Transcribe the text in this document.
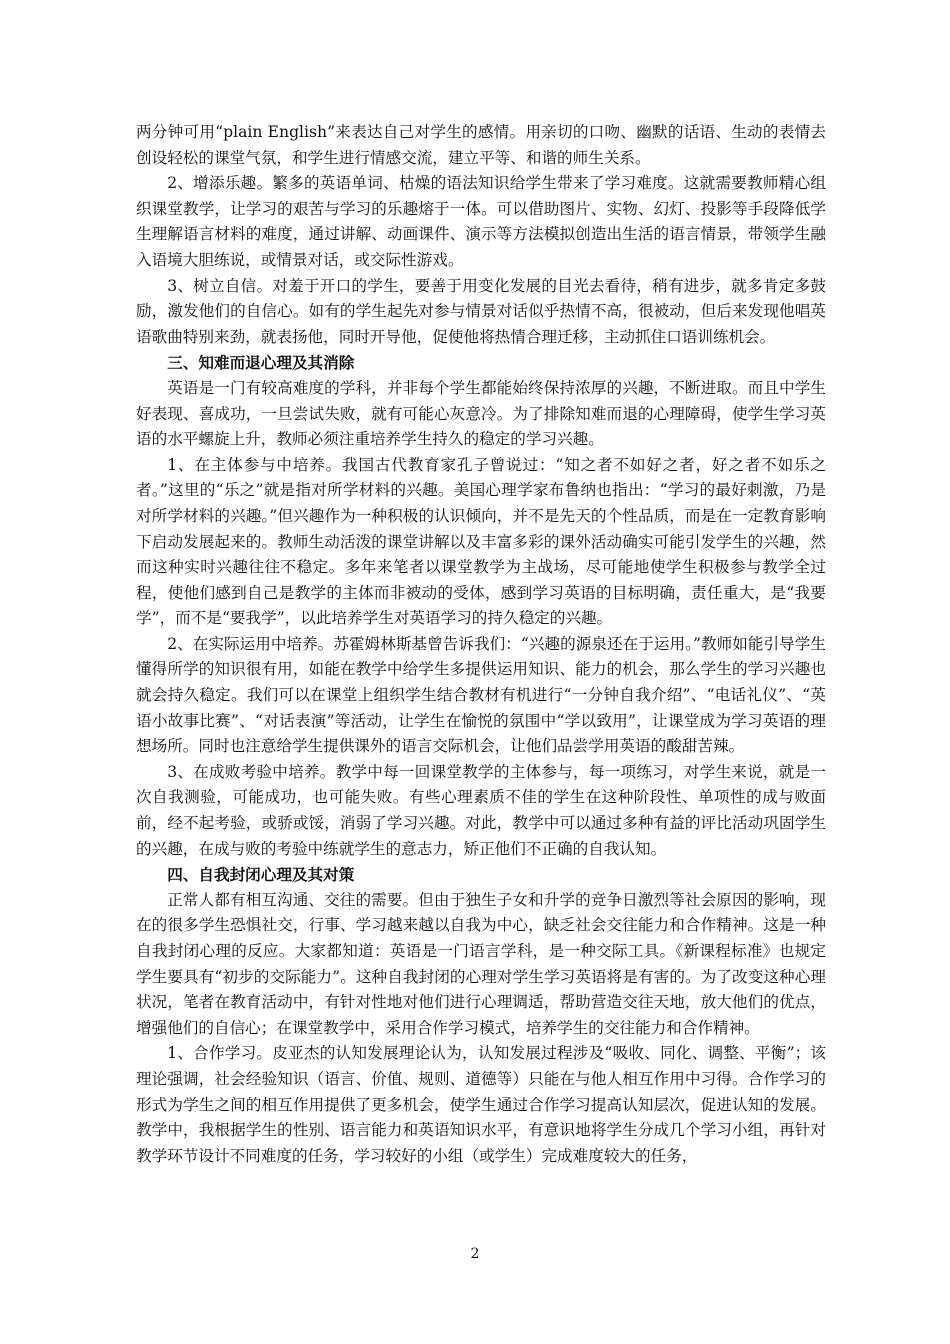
两分钟可用“plain English”来表达自己对学生的感情。用亲切的口吻、幽默的话语、生动的表情去创设轻松的课堂气氛，和学生进行情感交流，建立平等、和谐的师生关系。

2、增添乐趣。繁多的英语单词、枯燥的语法知识给学生带来了学习难度。这就需要教师精心组织课堂教学，让学习的艰苦与学习的乐趣熔于一体。可以借助图片、实物、幻灯、投影等手段降低学生理解语言材料的难度，通过讲解、动画课件、演示等方法模拟创造出生活的语言情景，带领学生融入语境大胆练说，或情景对话，或交际性游戏。

3、树立自信。对羞于开口的学生，要善于用变化发展的目光去看待，稍有进步，就多肯定多鼓励，激发他们的自信心。如有的学生起先对参与情景对话似乎热情不高，很被动，但后来发现他唱英语歌曲特别来劲，就表扬他，同时开导他，促使他将热情合理迁移，主动抓住口语训练机会。

三、知难而退心理及其消除

英语是一门有较高难度的学科，并非每个学生都能始终保持浓厚的兴趣，不断进取。而且中学生好表现、喜成功，一旦尝试失败，就有可能心灰意冷。为了排除知难而退的心理障碍，使学生学习英语的水平螺旋上升，教师必须注重培养学生持久的稳定的学习兴趣。

1、在主体参与中培养。我国古代教育家孔子曾说过：“知之者不如好之者，好之者不如乐之者。”这里的“乐之”就是指对所学材料的兴趣。美国心理学家布鲁纳也指出：“学习的最好刺激，乃是对所学材料的兴趣。”但兴趣作为一种积极的认识倾向，并不是先天的个性品质，而是在一定教育影响下启动发展起来的。教师生动活泼的课堂讲解以及丰富多彩的课外活动确实可能引发学生的兴趣，然而这种实时兴趣往往不稳定。多年来笔者以课堂教学为主战场，尽可能地使学生积极参与教学全过程，使他们感到自己是教学的主体而非被动的受体，感到学习英语的目标明确，责任重大，是“我要学”，而不是“要我学”，以此培养学生对英语学习的持久稳定的兴趣。

2、在实际运用中培养。苏霍姆林斯基曾告诉我们：“兴趣的源泉还在于运用。”教师如能引导学生懂得所学的知识很有用，如能在教学中给学生多提供运用知识、能力的机会，那么学生的学习兴趣也就会持久稳定。我们可以在课堂上组织学生结合教材有机进行“一分钟自我介绍”、“电话礼仪”、“英语小故事比赛”、“对话表演”等活动，让学生在愉悦的氛围中“学以致用”，让课堂成为学习英语的理想场所。同时也注意给学生提供课外的语言交际机会，让他们品尝学用英语的酸甜苦辣。

3、在成败考验中培养。教学中每一回课堂教学的主体参与，每一项练习，对学生来说，就是一次自我测验，可能成功，也可能失败。有些心理素质不佳的学生在这种阶段性、单项性的成与败面前，经不起考验，或骄或馁，消弱了学习兴趣。对此，教学中可以通过多种有益的评比活动巩固学生的兴趣，在成与败的考验中练就学生的意志力，矫正他们不正确的自我认知。

四、自我封闭心理及其对策

正常人都有相互沟通、交往的需要。但由于独生子女和升学的竞争日激烈等社会原因的影响，现在的很多学生恐惧社交，行事、学习越来越以自我为中心，缺乏社会交往能力和合作精神。这是一种自我封闭心理的反应。大家都知道：英语是一门语言学科，是一种交际工具。《新课程标准》也规定学生要具有“初步的交际能力”。这种自我封闭的心理对学生学习英语将是有害的。为了改变这种心理状况，笔者在教育活动中，有针对性地对他们进行心理调适，帮助营造交往天地，放大他们的优点，增强他们的自信心；在课堂教学中，采用合作学习模式，培养学生的交往能力和合作精神。

1、合作学习。皮亚杰的认知发展理论认为，认知发展过程涉及“吸收、同化、调整、平衡”；该理论强调，社会经验知识（语言、价值、规则、道德等）只能在与他人相互作用中习得。合作学习的形式为学生之间的相互作用提供了更多机会，使学生通过合作学习提高认知层次，促进认知的发展。教学中，我根据学生的性别、语言能力和英语知识水平，有意识地将学生分成几个学习小组，再针对教学环节设计不同难度的任务，学习较好的小组（或学生）完成难度较大的任务，

2
